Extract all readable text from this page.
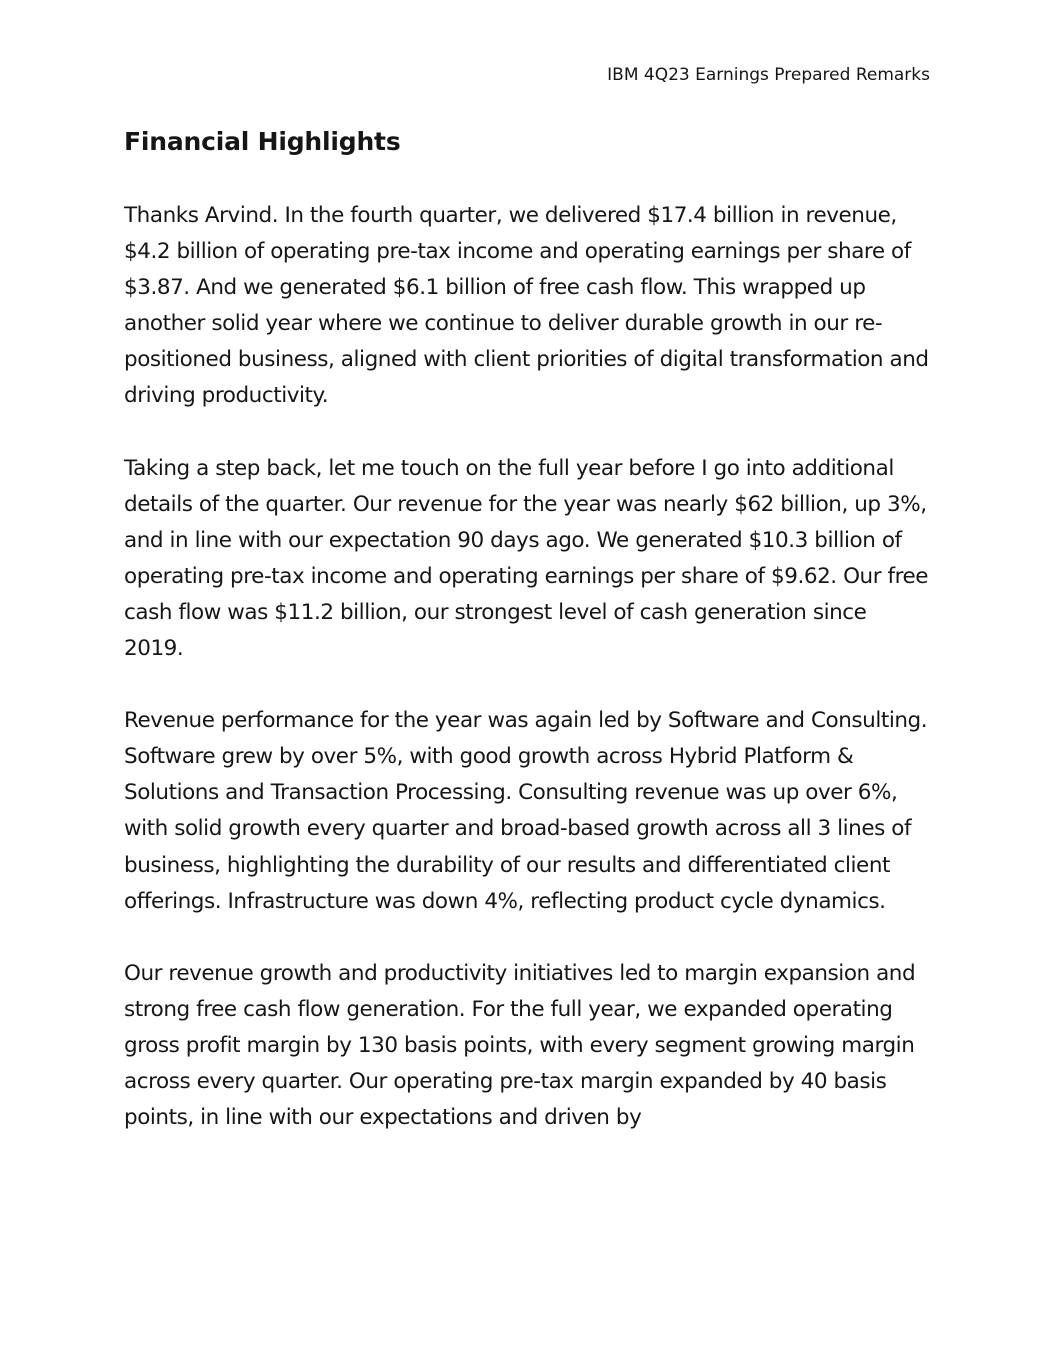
IBM 4Q23 Earnings Prepared Remarks
Financial Highlights

Thanks Arvind. In the fourth quarter, we delivered $17.4 billion in revenue, $4.2 billion of operating pre-tax income and operating earnings per share of $3.87. And we generated $6.1 billion of free cash flow. This wrapped up another solid year where we continue to deliver durable growth in our re-positioned business, aligned with client priorities of digital transformation and driving productivity.

Taking a step back, let me touch on the full year before I go into additional details of the quarter. Our revenue for the year was nearly $62 billion, up 3%, and in line with our expectation 90 days ago. We generated $10.3 billion of operating pre-tax income and operating earnings per share of $9.62. Our free cash flow was $11.2 billion, our strongest level of cash generation since 2019.

Revenue performance for the year was again led by Software and Consulting. Software grew by over 5%, with good growth across Hybrid Platform & Solutions and Transaction Processing. Consulting revenue was up over 6%, with solid growth every quarter and broad-based growth across all 3 lines of business, highlighting the durability of our results and differentiated client offerings. Infrastructure was down 4%, reflecting product cycle dynamics.

Our revenue growth and productivity initiatives led to margin expansion and strong free cash flow generation. For the full year, we expanded operating gross profit margin by 130 basis points, with every segment growing margin across every quarter. Our operating pre-tax margin expanded by 40 basis points, in line with our expectations and driven by
